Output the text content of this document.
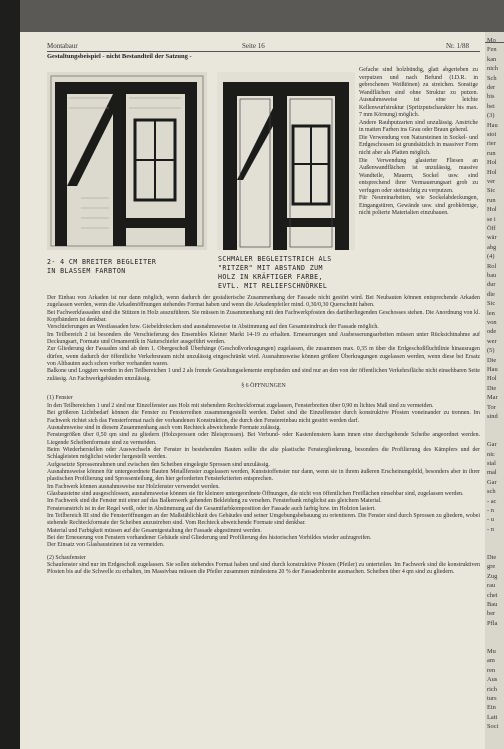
Montabaur	Seite 16	Nr. 1/88
Gestaltungsbeispiel - nicht Bestandteil der Satzung -
2- 4 CM BREITER BEGLEITER
IN BLASSEM FARBTON
SCHMALER BEGLEITSTRICH ALS
"RITZER" MIT ABSTAND ZUM
HOLZ IN KRÄFTIGER FARBE,
EVTL. MIT RELIEFSCHNÖRKEL

Gefache sind holzbündig, glatt abgerieben zu verputzen und nach Befund (I.D.R. in gebrochenen Weißtönen) zu streichen. Sonstige Wandflächen sind ohne Struktur zu putzen. Ausnahmsweise ist eine leichte Kellenwurfstruktur (Spritzputscharakter bis max. 7 mm Körnung) möglich.

Andere Rauhputzarten sind unzulässig. Anstriche in matten Farben ins Grau oder Braun gehend.

Die Verwendung von Natursteinen in Sockel- und Erdgeschossen ist grundsätzlich in massiver Form nicht aber als Platten möglich.

Die Verwendung glasierter Fliesen an Außenwandflächen ist unzulässig, massive Wandteile, Mauern, Sockel usw. sind entsprechend ihrer Vermauerungsart grob zu verfugen oder steinsichtig zu verputzen.

Für Neureinarbeiten, wie Sockelabdeckungen, Eingangstüren, Gewände usw. sind grobkörnige, nicht polierte Materialien einzubauen.

Der Einbau von Arkaden ist nur dann möglich, wenn dadurch der gestalterische Zusammenhang der Fassade nicht gestört wird. Bei Neubauten können entsprechende Arkaden zugelassen werden, wenn die Arkadenöffnungen stehendes Format haben und wenn die Arkadenpfeiler mind. 0,30/0,30 Querschnitt haben.

Bei Fachwerkfassaden sind die Stützen in Holz auszuführen. Sie müssen in Zusammenhang mit den Fachwerkpfosten des darüberliegenden Geschosses stehen. Die Anordnung von kl. Kopfbändern ist denkbar.

Verschieferungen an Westfassaden bzw. Giebeldreiecken sind ausnahmsweise in Abstimmung auf den Gesamteindruck der Fassade möglich.

Im Teilbereich 2 ist besonders die Verschieferung des Ensembles Kleiner Markt 14-19 zu erhalten. Erneuerungen und Ausbesserungsarbeiten müssen unter Rücksichtnahme auf Deckungsart, Formate und Ornamentik in Naturschiefer ausgeführt werden.

Zur Gliederung der Fassaden sind ab dem 1. Obergeschoß Überhänge (Geschoßvorkragungen) zugelassen, die zusammen max. 0,35 m über die Erdgeschoßfluchtlinie hinausragen dürfen, wenn dadurch der öffentliche Verkehrsraum nicht unzulässig eingeschränkt wird. Ausnahmsweise können größere Überkragungen zugelassen werden, wenn diese bei Ersatz von Altbauten auch schon vorher vorhanden waren.

Balkone und Loggien werden in den Teilbereichen 1 und 2 als fremde Gestaltungselemente empfunden und sind nur an den von der öffentlichen Verkehrsfläche nicht einsehbaren Seite zulässig. An Fachwerkgebäuden unzulässig.

§ 6 ÖFFNUNGEN

(1) Fenster

In den Teilbereichen 1 und 2 sind nur Einzelfenster aus Holz mit stehendem Rechteckformat zugelassen, Fensterbreiten über 0,90 m lichtes Maß sind zu vermeiden.

Bei größeren Lichtbedarf können die Fenster zu Fensterreihen zusammengestellt werden. Dabei sind die Einzelfenster durch konstruktive Pfosten voneinander zu trennen. Im Fachwerk richtet sich das Fensterformat nach der vorhandenen Konstruktion, die durch den Fenstereinbau nicht gestört werden darf.

Ausnahmweise sind in diesem Zusammenhang auch vom Rechteck abweichende Formate zulässig.

Fenstergrößen über 0,50 qm sind zu gliedern (Holzsprossen oder Bleisprossen). Bei Verbund- oder Kastenfenstern kann innen eine durchgehende Scheibe angeordnet werden. Liegende Scheibenformate sind zu vermeiden.

Beim Wiederherstellen oder Auswechseln der Fenster in bestehenden Bauten sollte die alte plastische Fenstergliederung, besonders die Profilierung des Kämpfers und der Schlagleisten möglichst wieder hergestellt werden.

Aufgesetzte Sprossenrahmen und zwischen den Scheiben eingelegte Sprossen sind unzulässig.

Ausnahmsweise können für untergeordnete Bauten Metallfenster zugelassen werden, Kunststoffenster nur dann, wenn sie in ihrem äußeren Erscheinungsbild, besonders aber in ihrer plastischen Profilierung und Sprossenteilung, den hier geforderten Fensterkriterien entsprechen.

Im Fachwerk können ausnahmsweise nur Holzfenster verwendet werden.

Glasbausteine sind ausgeschlossen, ausnahmsweise können sie für kleinere untergeordnete Öffnungen, die nicht von öffentlichen Freiflächen einsehbar sind, zugelassen werden.

Im Fachwerk sind die Fenster mit einer auf das Balkenwerk gehenden Bekleidung zu versehen. Fensterbank möglichst aus gleichem Material.

Fensteranstrich ist in der Regel weiß, oder in Abstimmung auf die Gesamtfarbkomposition der Fassade auch farbig bzw. im Holzton lasiert.

Im Teilbereich III sind die Fensteröffnungen an der Maßstäblichkeit des Gebäudes und seiner Umgebungsbebauung zu orientieren. Die Fenster sind durch Sprossen zu gliedern, wobei stehende Rechteckformate der Scheiben anzustreben sind. Vom Rechteck abweichende Formate sind denkbar.

Material und Farbigkeit müssen auf die Gesamtgestaltung der Fassade abgestimmt werden.

Bei der Erneuerung von Fenstern vorhandener Gebäude sind Gliederung und Profilierung des historischen Vorbildes wieder aufzugreifen.

Der Einsatz von Glasbausteinen ist zu vermeiden.

(2) Schaufenster

Schaufenster sind nur im Erdgeschoß zugelassen. Sie sollen stehendes Format haben und sind durch konstruktive Pfosten (Pfeiler) zu unterteilen. Im Fachwerk sind die konstruktiven Pfosten bis auf die Schwelle zu erhalten, im Massivbau müssen die Pfeiler zusammen mindestens 20 % der Fassadenbreite ausmachen. Scheiben über 4 qm sind zu gliedern.

Mo
Fen
kan
nich
Sch
der
bis
bei
(3)
Hau
stoi
rier
run
Hol
Hol
ver
Sic
run
Hol
se i
Öff
wär
abg
(4)
Rol
bau
dur
die
Sic
len
von
ode
wer
(5)
Die
Hau
Hol
Die
Mar
Tor
sind
Gar
nic
stal
mal
Gar
sch
- ac
- n
- u
- n
Die
gre
Zug
rau
chei
Bau
ber
Pfla
Mu
am
ren
Aus
rich
turs
Ein
Latt
Soci
